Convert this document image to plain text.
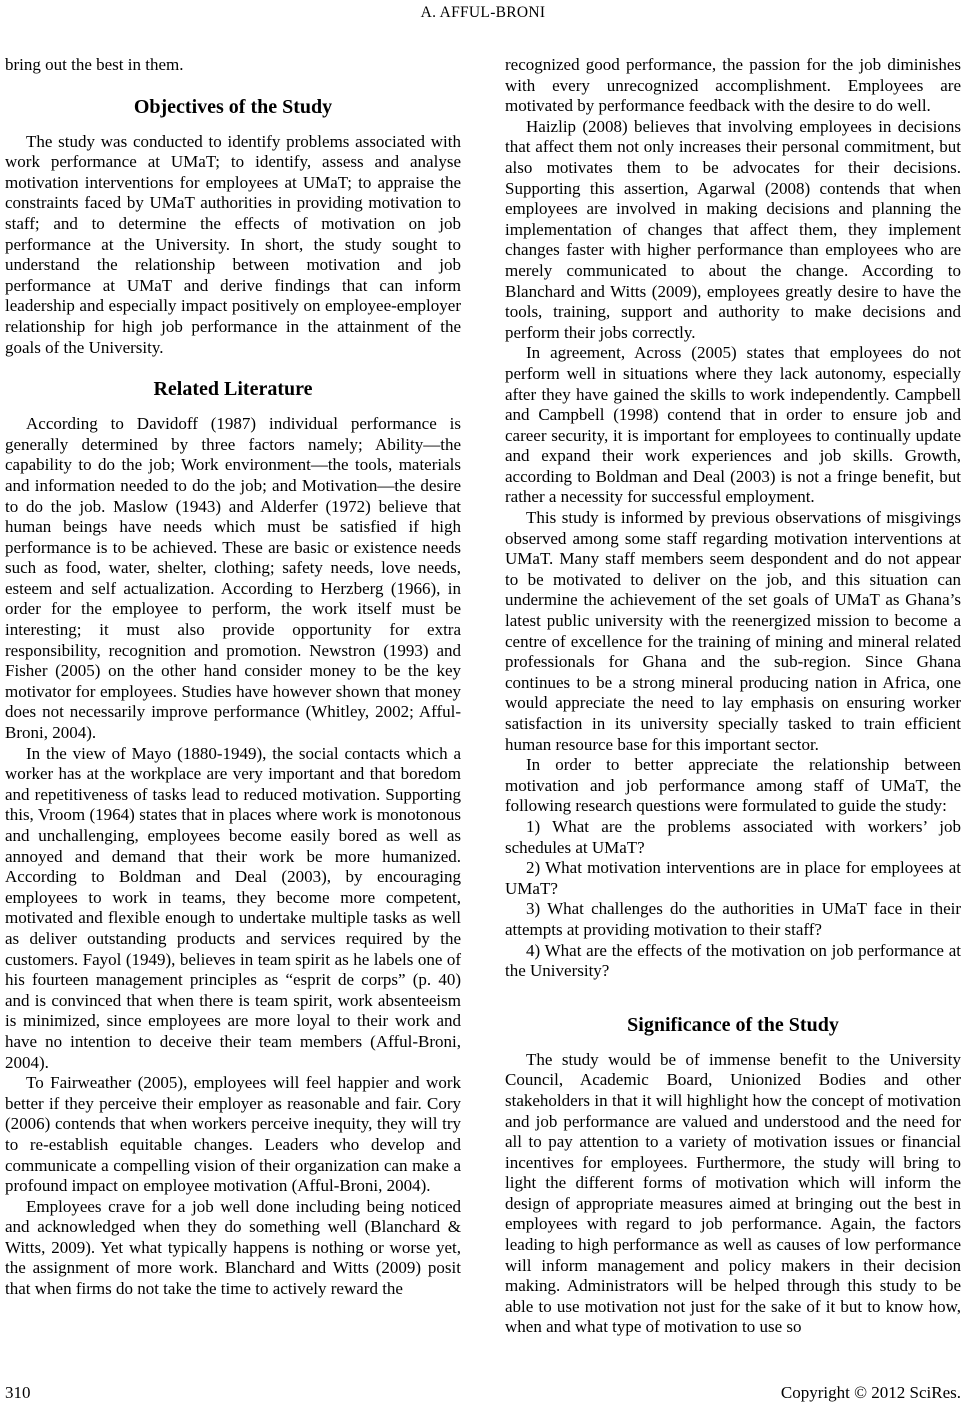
A. AFFUL-BRONI

bring out the best in them.

Objectives of the Study

The study was conducted to identify problems associated with work performance at UMaT; to identify, assess and analyse motivation interventions for employees at UMaT; to appraise the constraints faced by UMaT authorities in providing motivation to staff; and to determine the effects of motivation on job performance at the University. In short, the study sought to understand the relationship between motivation and job performance at UMaT and derive findings that can inform leadership and especially impact positively on employee-employer relationship for high job performance in the attainment of the goals of the University.

Related Literature

According to Davidoff (1987) individual performance is generally determined by three factors namely; Ability—the capability to do the job; Work environment—the tools, materials and information needed to do the job; and Motivation—the desire to do the job. Maslow (1943) and Alderfer (1972) believe that human beings have needs which must be satisfied if high performance is to be achieved. These are basic or existence needs such as food, water, shelter, clothing; safety needs, love needs, esteem and self actualization. According to Herzberg (1966), in order for the employee to perform, the work itself must be interesting; it must also provide opportunity for extra responsibility, recognition and promotion. Newstron (1993) and Fisher (2005) on the other hand consider money to be the key motivator for employees. Studies have however shown that money does not necessarily improve performance (Whitley, 2002; Afful-Broni, 2004).

In the view of Mayo (1880-1949), the social contacts which a worker has at the workplace are very important and that boredom and repetitiveness of tasks lead to reduced motivation. Supporting this, Vroom (1964) states that in places where work is monotonous and unchallenging, employees become easily bored as well as annoyed and demand that their work be more humanized. According to Boldman and Deal (2003), by encouraging employees to work in teams, they become more competent, motivated and flexible enough to undertake multiple tasks as well as deliver outstanding products and services required by the customers. Fayol (1949), believes in team spirit as he labels one of his fourteen management principles as “esprit de corps” (p. 40) and is convinced that when there is team spirit, work absenteeism is minimized, since employees are more loyal to their work and have no intention to deceive their team members (Afful-Broni, 2004).

To Fairweather (2005), employees will feel happier and work better if they perceive their employer as reasonable and fair. Cory (2006) contends that when workers perceive inequity, they will try to re-establish equitable changes. Leaders who develop and communicate a compelling vision of their organization can make a profound impact on employee motivation (Afful-Broni, 2004).

Employees crave for a job well done including being noticed and acknowledged when they do something well (Blanchard & Witts, 2009). Yet what typically happens is nothing or worse yet, the assignment of more work. Blanchard and Witts (2009) posit that when firms do not take the time to actively reward the

recognized good performance, the passion for the job diminishes with every unrecognized accomplishment. Employees are motivated by performance feedback with the desire to do well.

Haizlip (2008) believes that involving employees in decisions that affect them not only increases their personal commitment, but also motivates them to be advocates for their decisions. Supporting this assertion, Agarwal (2008) contends that when employees are involved in making decisions and planning the implementation of changes that affect them, they implement changes faster with higher performance than employees who are merely communicated to about the change. According to Blanchard and Witts (2009), employees greatly desire to have the tools, training, support and authority to make decisions and perform their jobs correctly.

In agreement, Across (2005) states that employees do not perform well in situations where they lack autonomy, especially after they have gained the skills to work independently. Campbell and Campbell (1998) contend that in order to ensure job and career security, it is important for employees to continually update and expand their work experiences and job skills. Growth, according to Boldman and Deal (2003) is not a fringe benefit, but rather a necessity for successful employment.

This study is informed by previous observations of misgivings observed among some staff regarding motivation interventions at UMaT. Many staff members seem despondent and do not appear to be motivated to deliver on the job, and this situation can undermine the achievement of the set goals of UMaT as Ghana’s latest public university with the reenergized mission to become a centre of excellence for the training of mining and mineral related professionals for Ghana and the sub-region. Since Ghana continues to be a strong mineral producing nation in Africa, one would appreciate the need to lay emphasis on ensuring worker satisfaction in its university specially tasked to train efficient human resource base for this important sector.

In order to better appreciate the relationship between motivation and job performance among staff of UMaT, the following research questions were formulated to guide the study:

1) What are the problems associated with workers’ job schedules at UMaT?

2) What motivation interventions are in place for employees at UMaT?

3) What challenges do the authorities in UMaT face in their attempts at providing motivation to their staff?

4) What are the effects of the motivation on job performance at the University?

Significance of the Study

The study would be of immense benefit to the University Council, Academic Board, Unionized Bodies and other stakeholders in that it will highlight how the concept of motivation and job performance are valued and understood and the need for all to pay attention to a variety of motivation issues or financial incentives for employees. Furthermore, the study will bring to light the different forms of motivation which will inform the design of appropriate measures aimed at bringing out the best in employees with regard to job performance. Again, the factors leading to high performance as well as causes of low performance will inform management and policy makers in their decision making. Administrators will be helped through this study to be able to use motivation not just for the sake of it but to know how, when and what type of motivation to use so

310	Copyright © 2012 SciRes.
